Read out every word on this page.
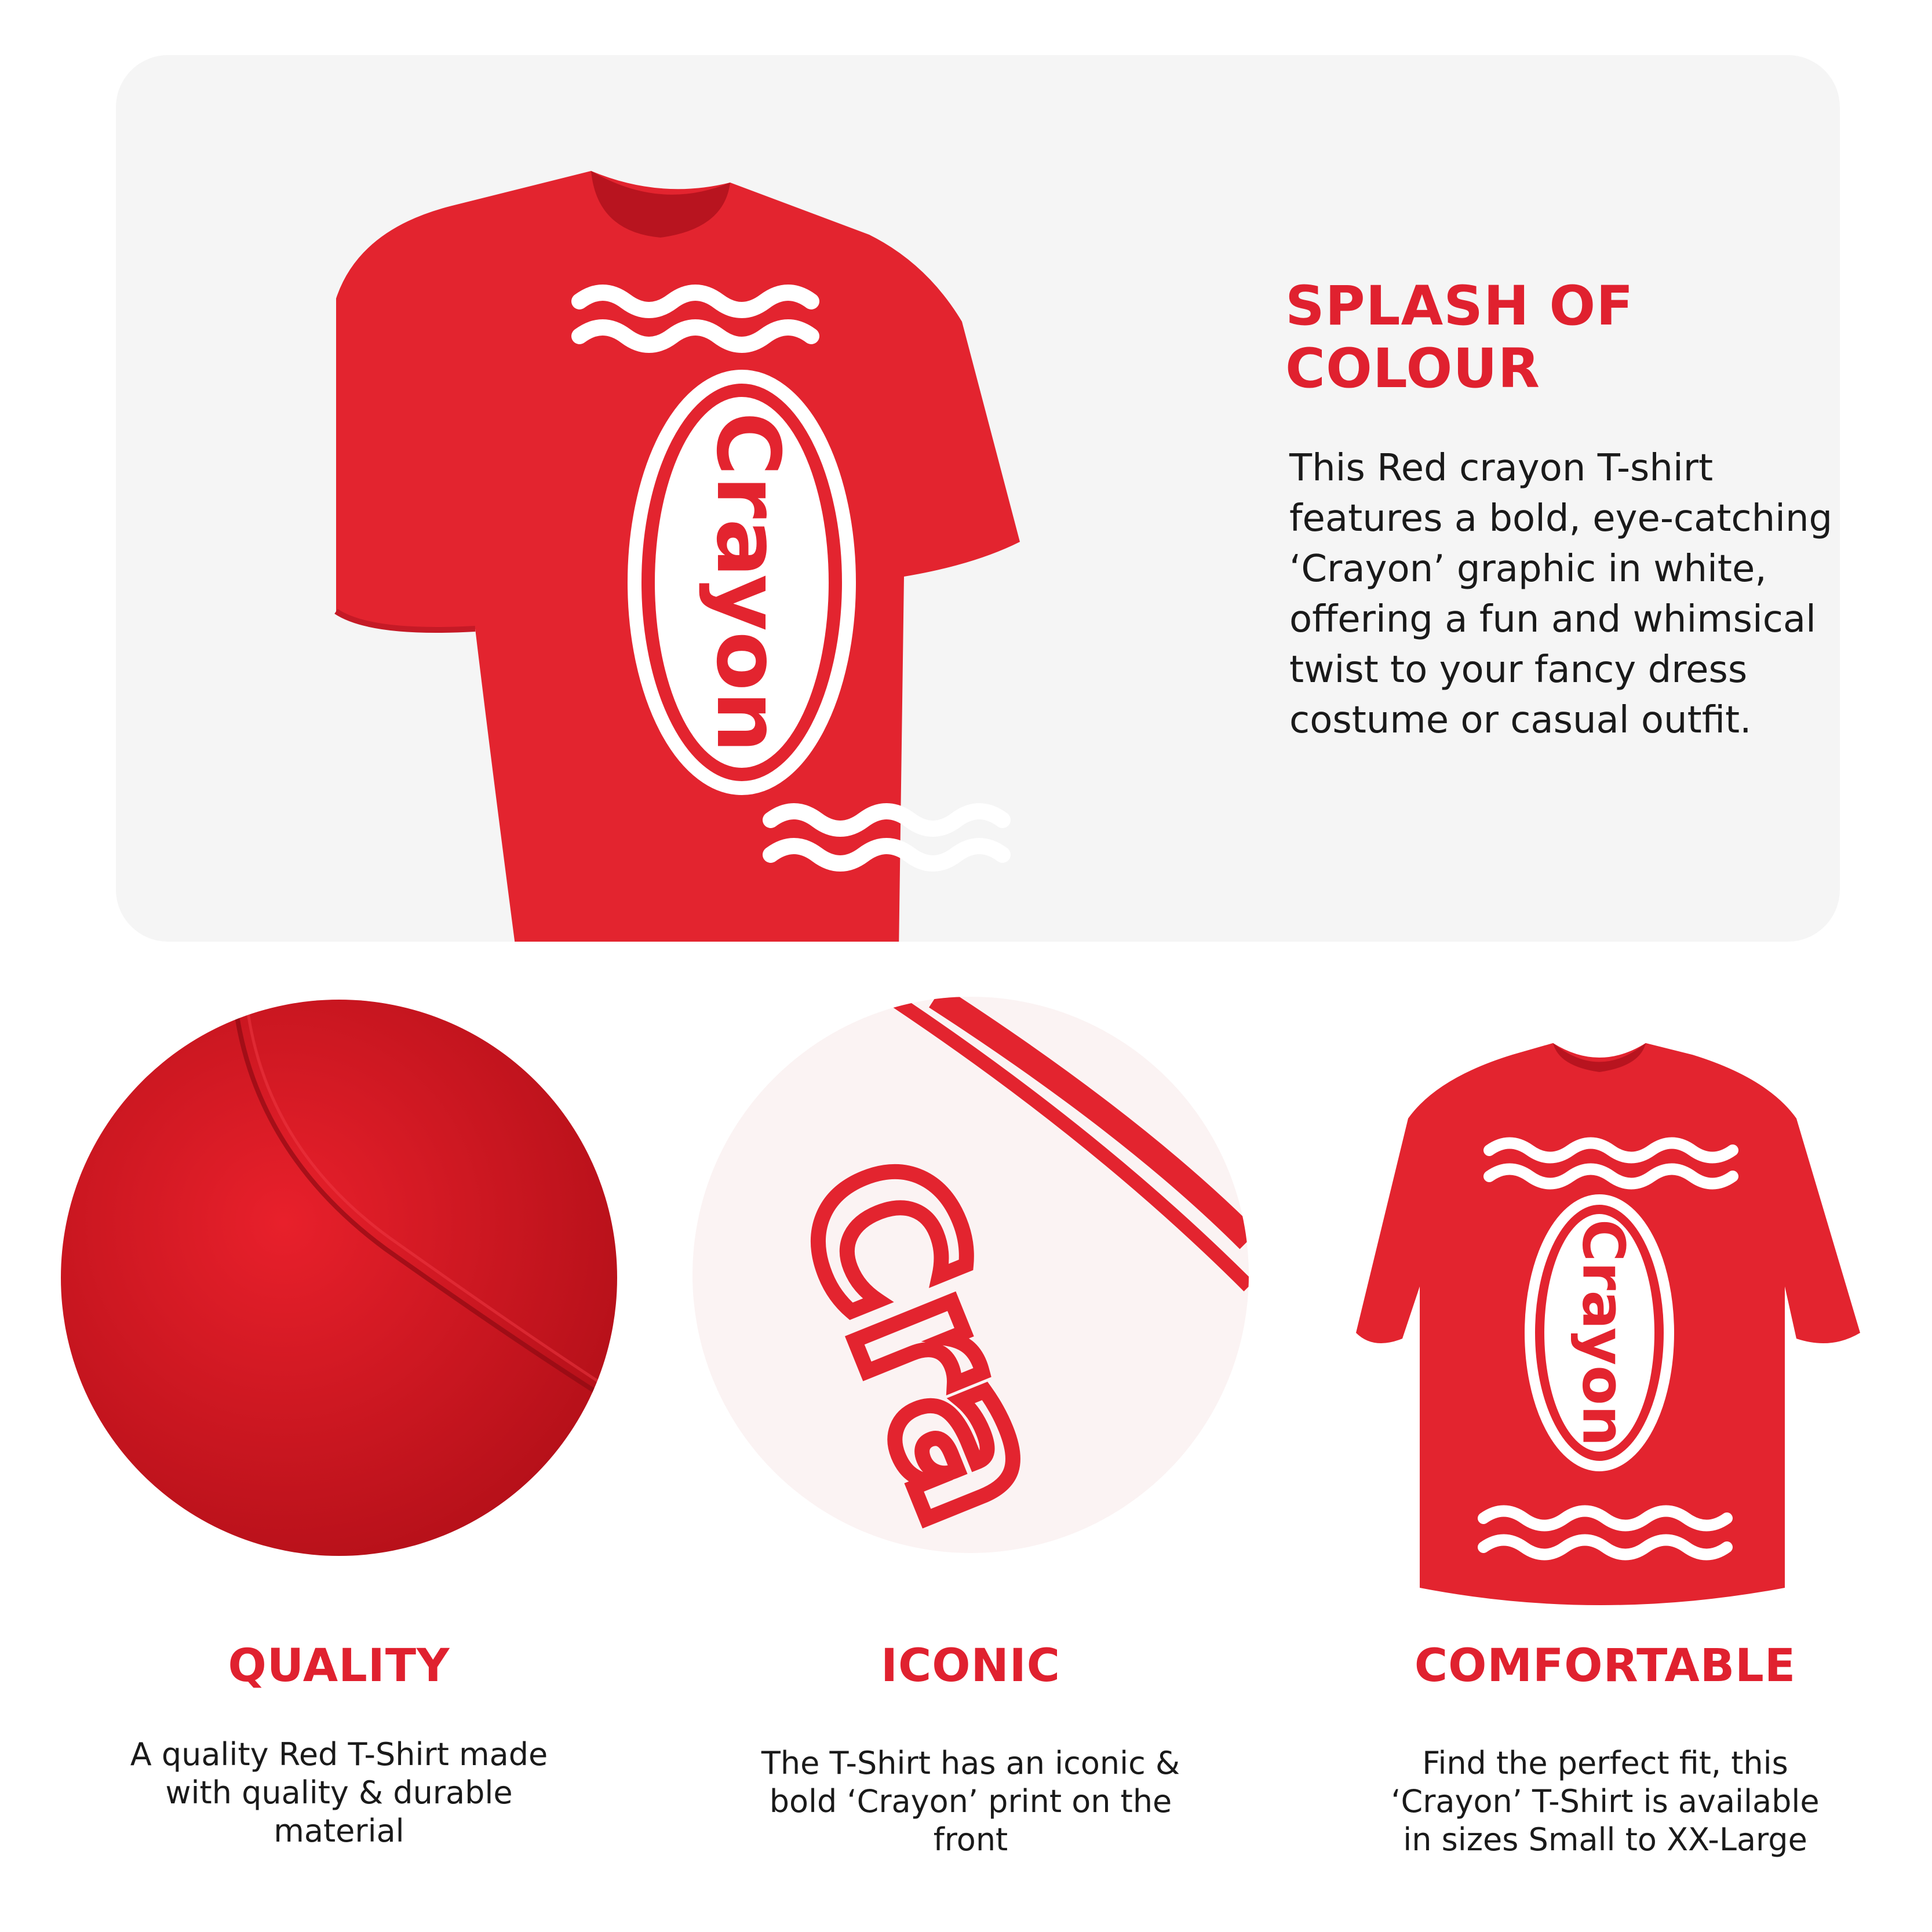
Crayon
SPLASH OF
COLOUR

This Red crayon T-shirt features a bold, eye-catching ‘Crayon’ graphic in white, offering a fun and whimsical twist to your fancy dress costume or casual outfit.

Cra	Crayon
QUALITY

A quality Red T-Shirt made with quality & durable material

ICONIC

The T-Shirt has an iconic & bold ‘Crayon’ print on the front

COMFORTABLE

Find the perfect fit, this ‘Crayon’ T-Shirt is available in sizes Small to XX-Large
